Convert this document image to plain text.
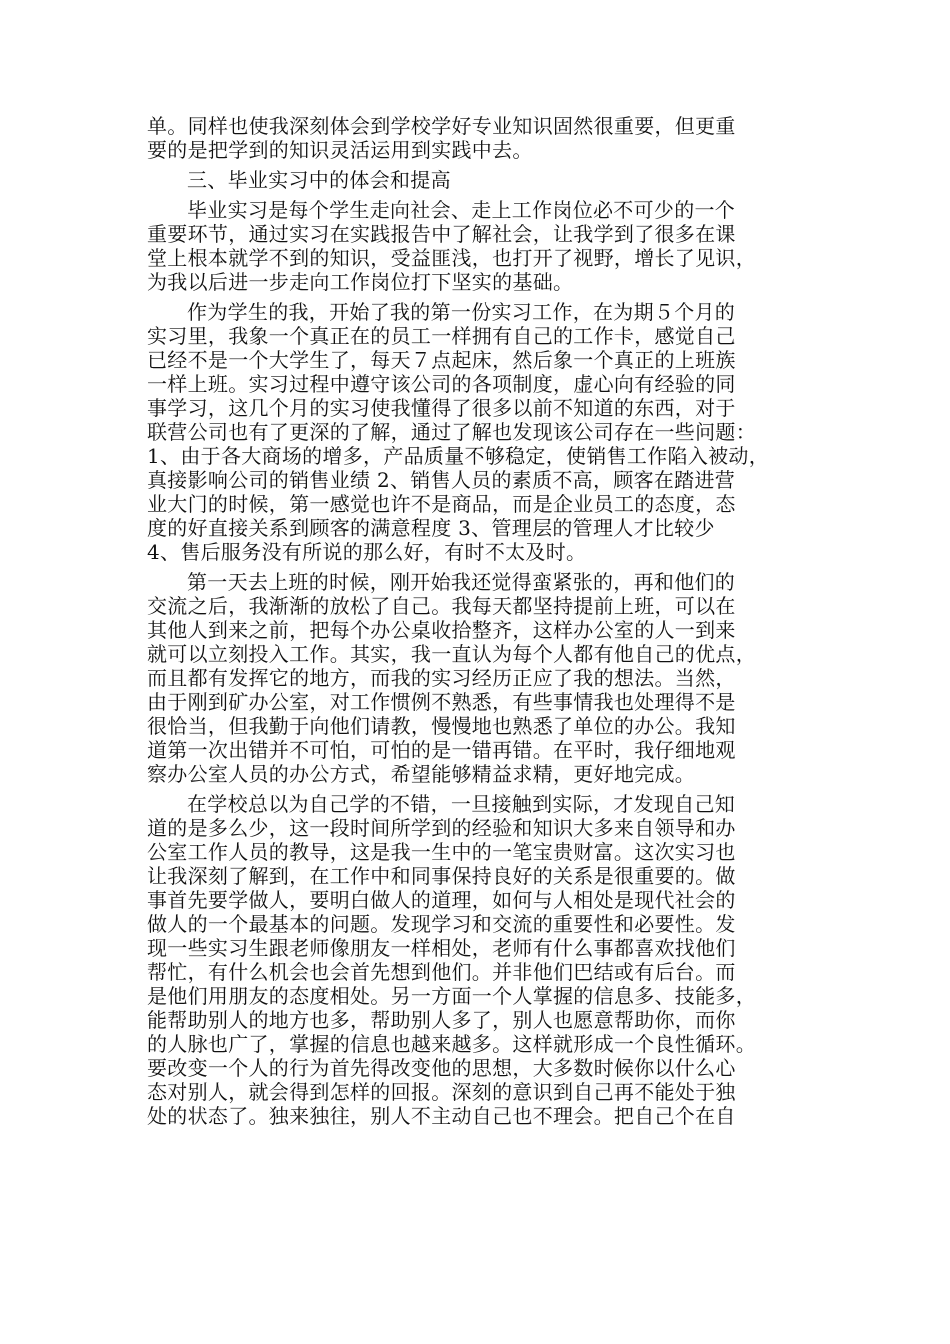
单。同样也使我深刻体会到学校学好专业知识固然很重要，但更重
要的是把学到的知识灵活运用到实践中去。
三、毕业实习中的体会和提高
毕业实习是每个学生走向社会、走上工作岗位必不可少的一个
重要环节，通过实习在实践报告中了解社会，让我学到了很多在课
堂上根本就学不到的知识，受益匪浅，也打开了视野，增长了见识，
为我以后进一步走向工作岗位打下坚实的基础。
作为学生的我，开始了我的第一份实习工作，在为期５个月的
实习里，我象一个真正在的员工一样拥有自己的工作卡，感觉自己
已经不是一个大学生了，每天７点起床，然后象一个真正的上班族
一样上班。实习过程中遵守该公司的各项制度，虚心向有经验的同
事学习，这几个月的实习使我懂得了很多以前不知道的东西，对于
联营公司也有了更深的了解，通过了解也发现该公司存在一些问题：
1、由于各大商场的增多，产品质量不够稳定，使销售工作陷入被动，
真接影响公司的销售业绩 2、销售人员的素质不高，顾客在踏进营
业大门的时候，第一感觉也许不是商品，而是企业员工的态度，态
度的好直接关系到顾客的满意程度 3、管理层的管理人才比较少
4、售后服务没有所说的那么好，有时不太及时。
第一天去上班的时候，刚开始我还觉得蛮紧张的，再和他们的
交流之后，我渐渐的放松了自己。我每天都坚持提前上班，可以在
其他人到来之前，把每个办公桌收拾整齐，这样办公室的人一到来
就可以立刻投入工作。其实，我一直认为每个人都有他自己的优点，
而且都有发挥它的地方，而我的实习经历正应了我的想法。当然，
由于刚到矿办公室，对工作惯例不熟悉，有些事情我也处理得不是
很恰当，但我勤于向他们请教，慢慢地也熟悉了单位的办公。我知
道第一次出错并不可怕，可怕的是一错再错。在平时，我仔细地观
察办公室人员的办公方式，希望能够精益求精，更好地完成。
在学校总以为自己学的不错，一旦接触到实际，才发现自己知
道的是多么少，这一段时间所学到的经验和知识大多来自领导和办
公室工作人员的教导，这是我一生中的一笔宝贵财富。这次实习也
让我深刻了解到，在工作中和同事保持良好的关系是很重要的。做
事首先要学做人，要明白做人的道理，如何与人相处是现代社会的
做人的一个最基本的问题。发现学习和交流的重要性和必要性。发
现一些实习生跟老师像朋友一样相处，老师有什么事都喜欢找他们
帮忙，有什么机会也会首先想到他们。并非他们巴结或有后台。而
是他们用朋友的态度相处。另一方面一个人掌握的信息多、技能多，
能帮助别人的地方也多，帮助别人多了，别人也愿意帮助你，而你
的人脉也广了，掌握的信息也越来越多。这样就形成一个良性循环。
要改变一个人的行为首先得改变他的思想，大多数时候你以什么心
态对别人，就会得到怎样的回报。深刻的意识到自己再不能处于独
处的状态了。独来独往，别人不主动自己也不理会。把自己个在自
